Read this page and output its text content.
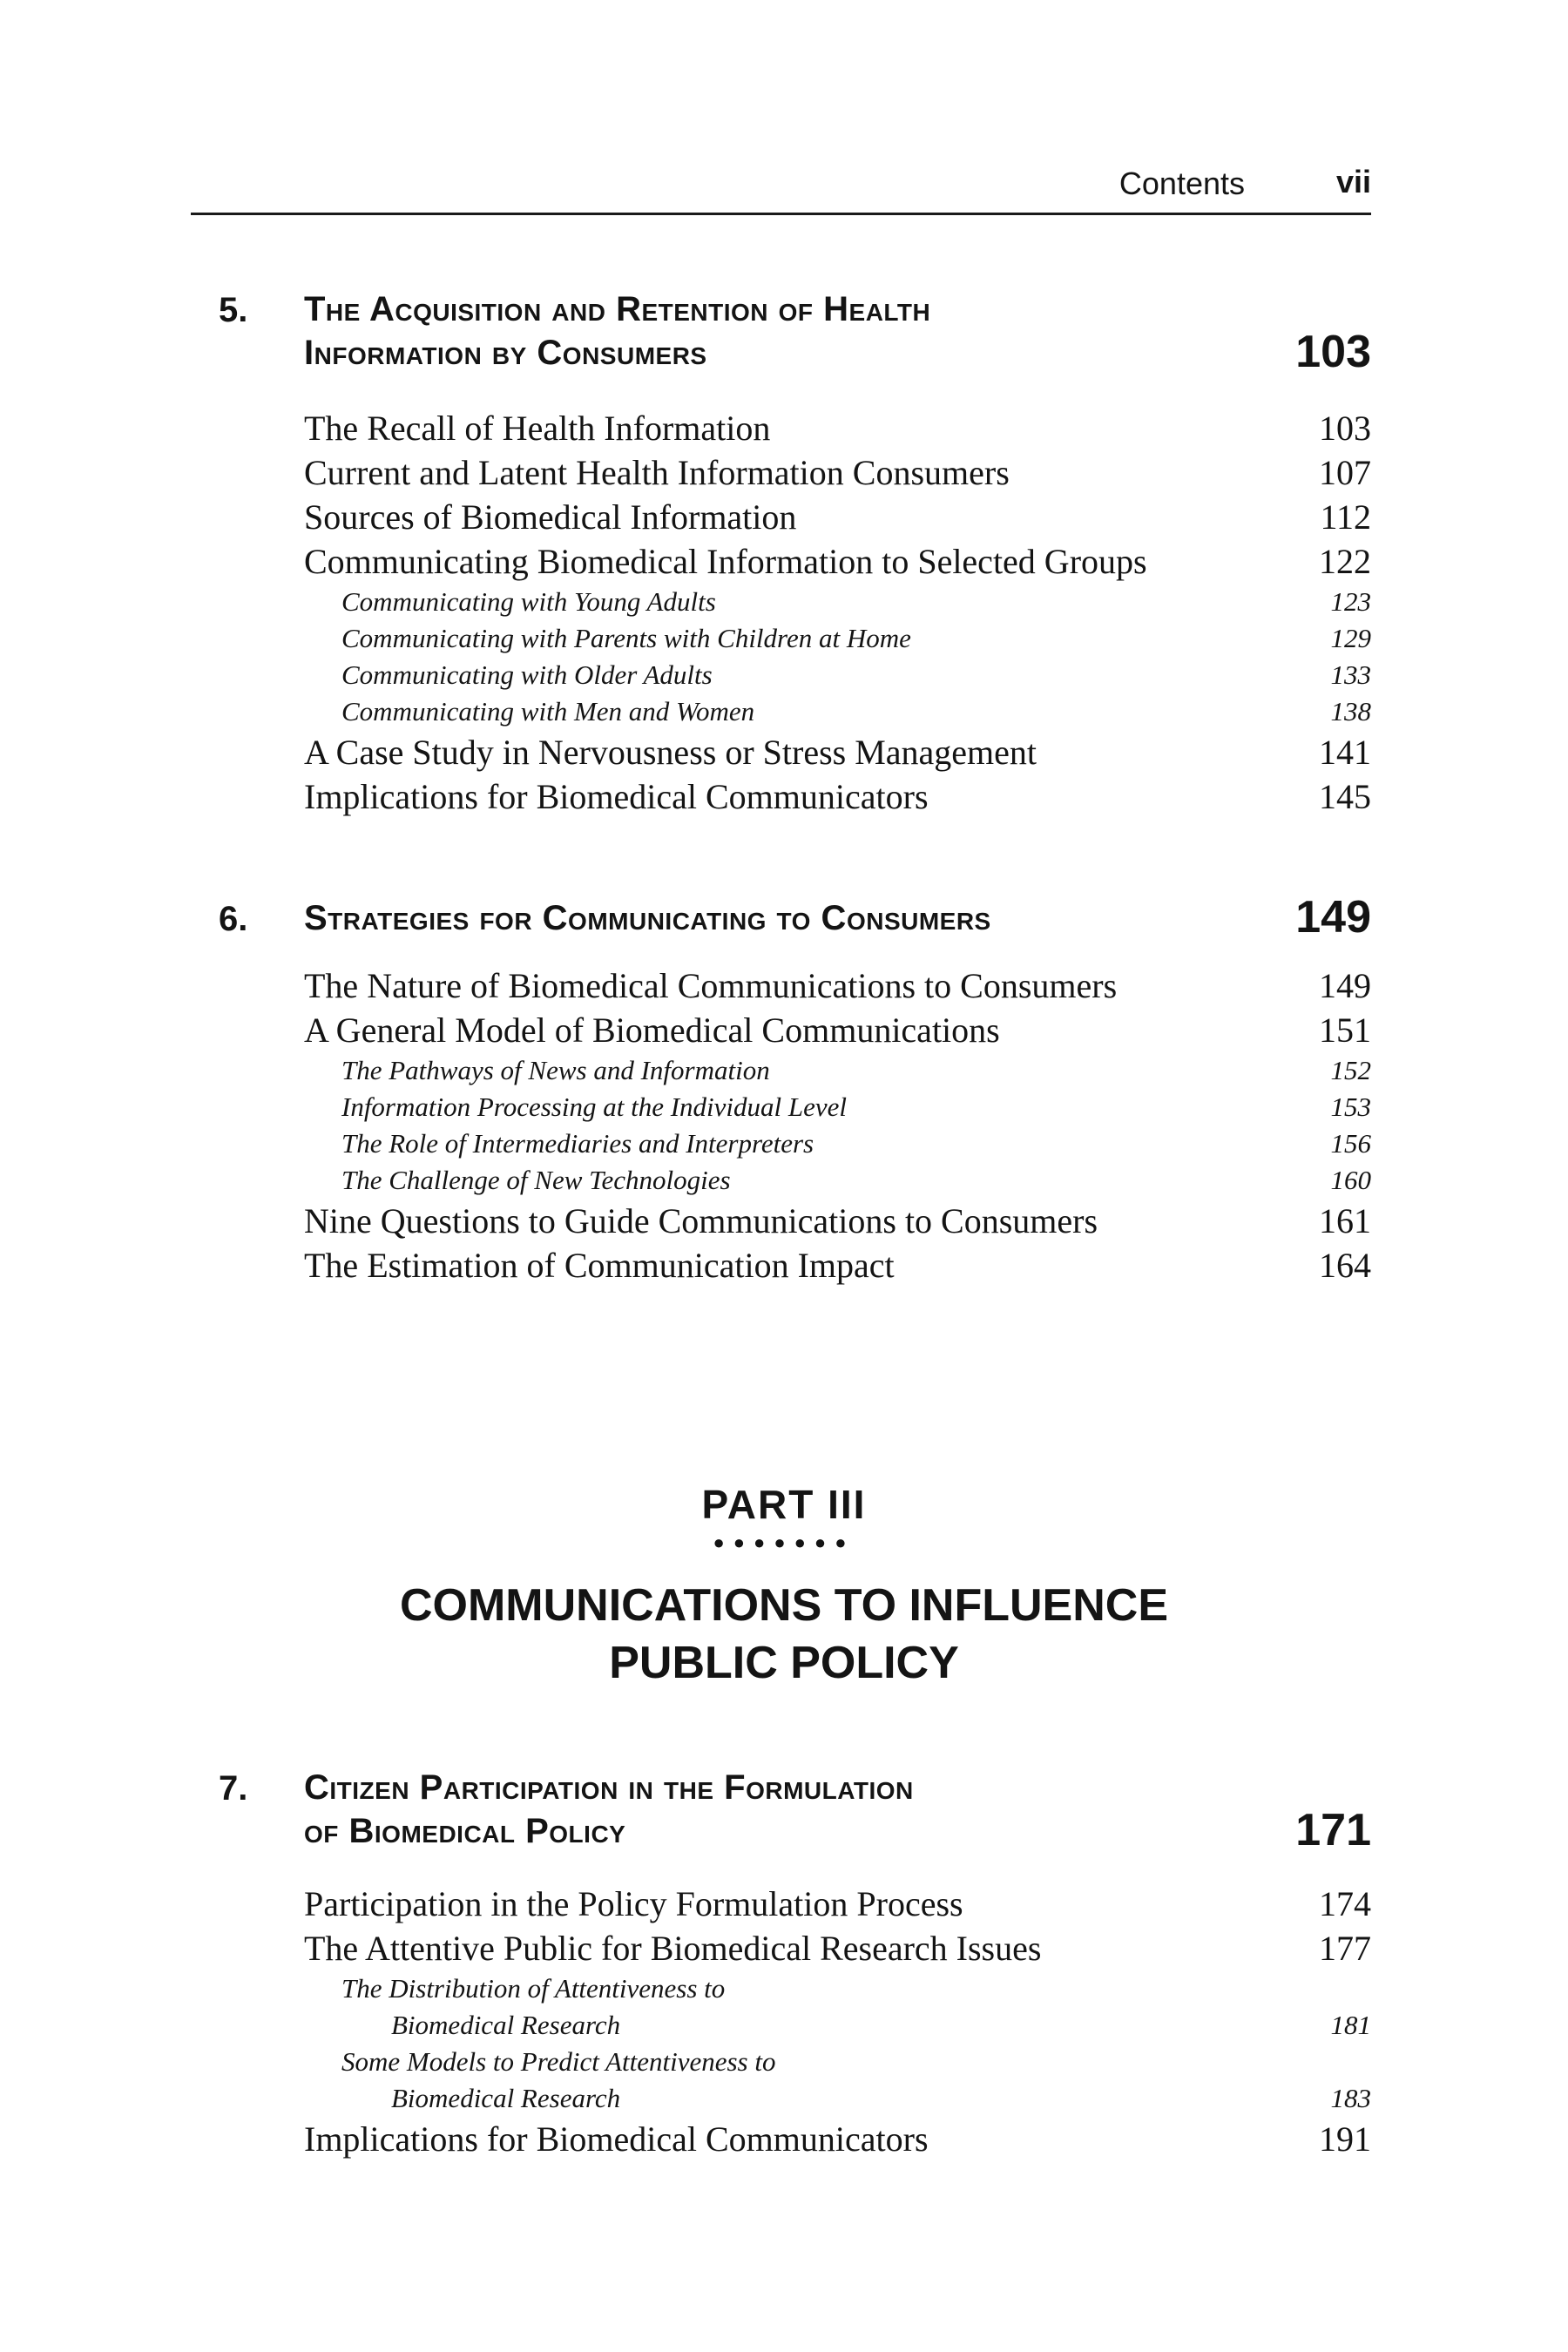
Contents	vii
5. The Acquisition and Retention of Health
Information by Consumers	103
The Recall of Health Information	103
Current and Latent Health Information Consumers	107
Sources of Biomedical Information	112
Communicating Biomedical Information to Selected Groups	122
Communicating with Young Adults	123
Communicating with Parents with Children at Home	129
Communicating with Older Adults	133
Communicating with Men and Women	138
A Case Study in Nervousness or Stress Management	141
Implications for Biomedical Communicators	145
6. Strategies for Communicating to Consumers	149
The Nature of Biomedical Communications to Consumers	149
A General Model of Biomedical Communications	151
The Pathways of News and Information	152
Information Processing at the Individual Level	153
The Role of Intermediaries and Interpreters	156
The Challenge of New Technologies	160
Nine Questions to Guide Communications to Consumers	161
The Estimation of Communication Impact	164
PART III
●●●●●●●
COMMUNICATIONS TO INFLUENCE
PUBLIC POLICY
7. Citizen Participation in the Formulation
of Biomedical Policy	171
Participation in the Policy Formulation Process	174
The Attentive Public for Biomedical Research Issues	177
The Distribution of Attentiveness to
Biomedical Research	181
Some Models to Predict Attentiveness to
Biomedical Research	183
Implications for Biomedical Communicators	191
